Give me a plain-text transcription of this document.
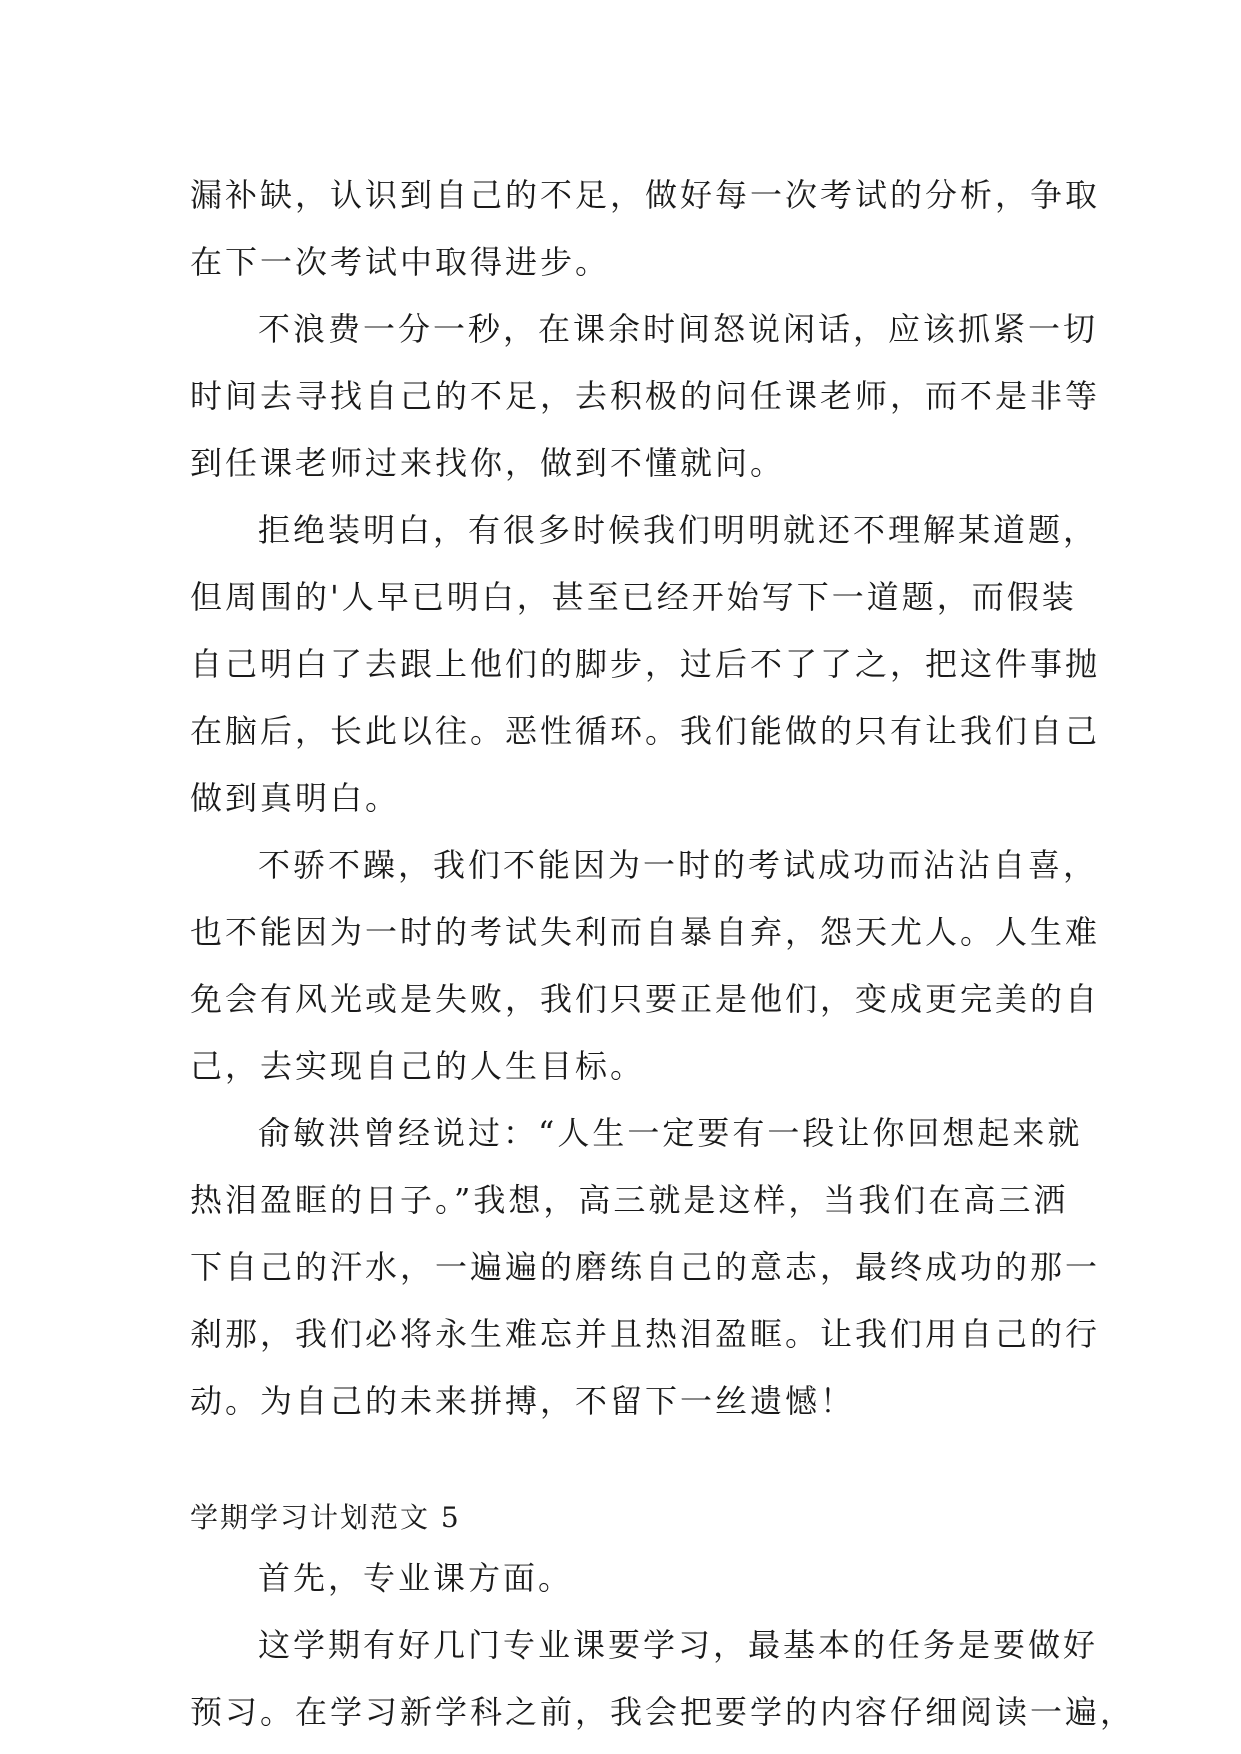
漏补缺，认识到自己的不足，做好每一次考试的分析，争取
在下一次考试中取得进步。
不浪费一分一秒，在课余时间怒说闲话，应该抓紧一切
时间去寻找自己的不足，去积极的问任课老师，而不是非等
到任课老师过来找你，做到不懂就问。
拒绝装明白，有很多时候我们明明就还不理解某道题，
但周围的'人早已明白，甚至已经开始写下一道题，而假装
自己明白了去跟上他们的脚步，过后不了了之，把这件事抛
在脑后，长此以往。恶性循环。我们能做的只有让我们自己
做到真明白。
不骄不躁，我们不能因为一时的考试成功而沾沾自喜，
也不能因为一时的考试失利而自暴自弃，怨天尤人。人生难
免会有风光或是失败，我们只要正是他们，变成更完美的自
己，去实现自己的人生目标。
俞敏洪曾经说过：“人生一定要有一段让你回想起来就
热泪盈眶的日子。”我想，高三就是这样，当我们在高三洒
下自己的汗水，一遍遍的磨练自己的意志，最终成功的那一
刹那，我们必将永生难忘并且热泪盈眶。让我们用自己的行
动。为自己的未来拼搏，不留下一丝遗憾！
学期学习计划范文 5
首先，专业课方面。
这学期有好几门专业课要学习，最基本的任务是要做好
预习。在学习新学科之前，我会把要学的内容仔细阅读一遍，
